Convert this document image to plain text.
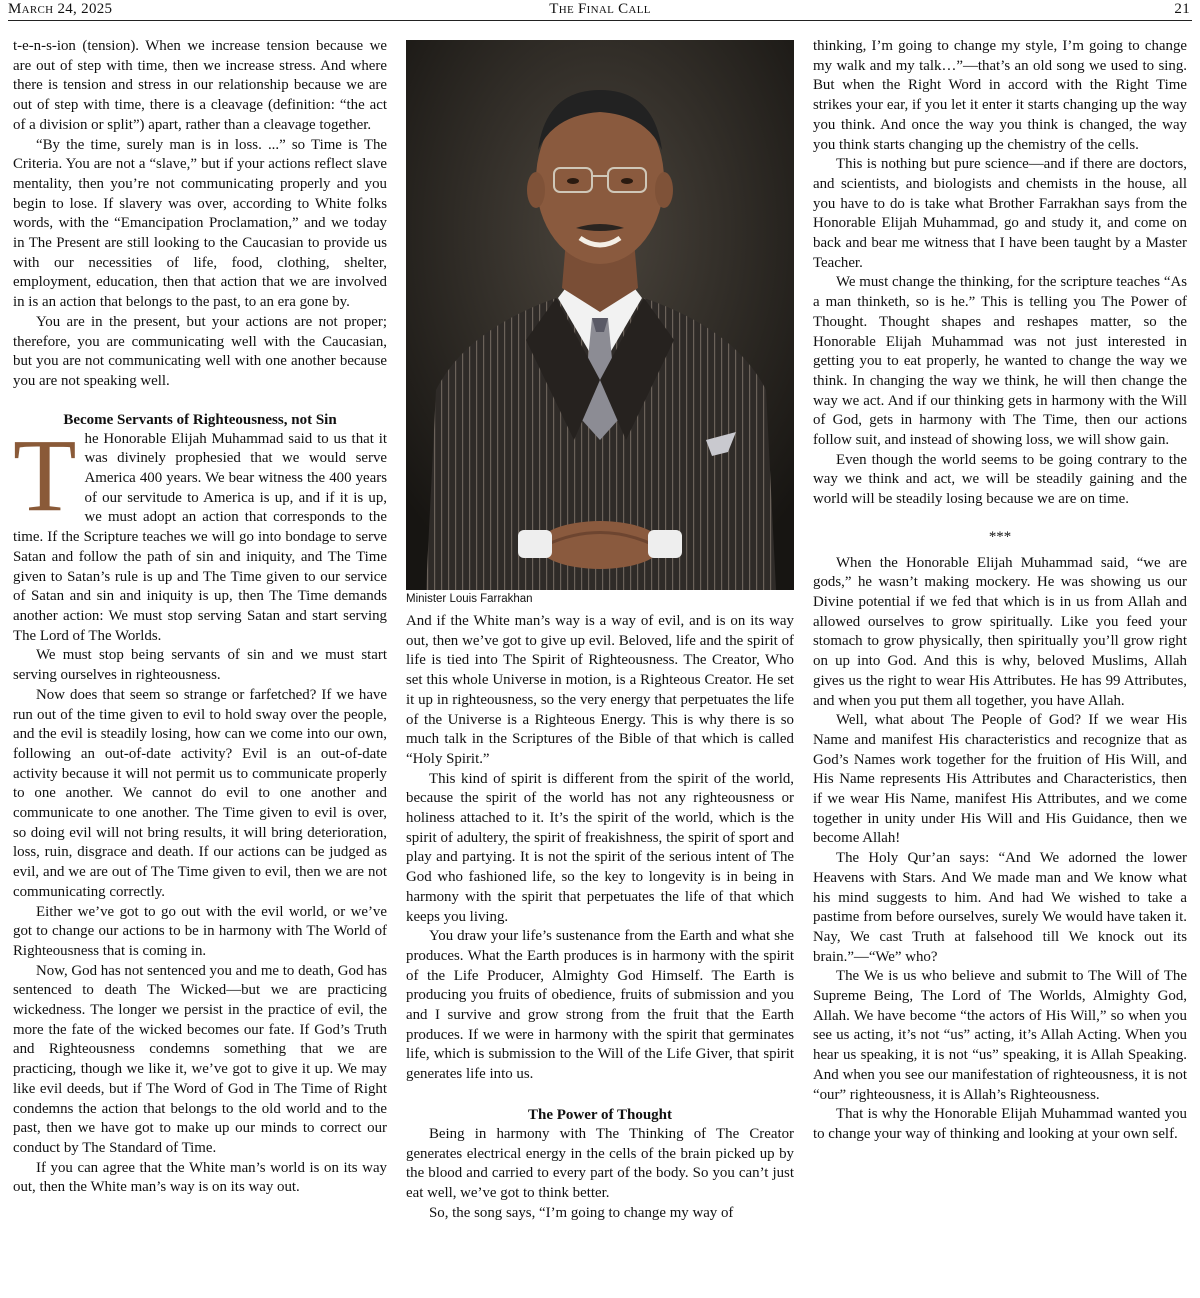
March 24, 2025	The Final Call	21

t-e-n-s-ion (tension). When we increase tension because we are out of step with time, then we increase stress. And where there is tension and stress in our relationship because we are out of step with time, there is a cleavage (definition: “the act of a division or split”) apart, rather than a cleavage together.

“By the time, surely man is in loss. ...” so Time is The Criteria. You are not a “slave,” but if your actions reflect slave mentality, then you’re not communicating properly and you begin to lose. If slavery was over, according to White folks words, with the “Emancipation Proclamation,” and we today in The Present are still looking to the Caucasian to provide us with our necessities of life, food, clothing, shelter, employment, education, then that action that we are involved in is an action that belongs to the past, to an era gone by.

You are in the present, but your actions are not proper; therefore, you are communicating well with the Caucasian, but you are not communicating well with one another because you are not speaking well.

Become Servants of Righteousness, not Sin

The Honorable Elijah Muhammad said to us that it was divinely prophesied that we would serve America 400 years. We bear witness the 400 years of our servitude to America is up, and if it is up, we must adopt an action that corresponds to the time. If the Scripture teaches we will go into bondage to serve Satan and follow the path of sin and iniquity, and The Time given to Satan’s rule is up and The Time given to our service of Satan and sin and iniquity is up, then The Time demands another action: We must stop serving Satan and start serving The Lord of The Worlds.

We must stop being servants of sin and we must start serving ourselves in righteousness.

Now does that seem so strange or farfetched? If we have run out of the time given to evil to hold sway over the people, and the evil is steadily losing, how can we come into our own, following an out-of-date activity? Evil is an out-of-date activity because it will not permit us to communicate properly to one another. We cannot do evil to one another and communicate to one another. The Time given to evil is over, so doing evil will not bring results, it will bring deterioration, loss, ruin, disgrace and death. If our actions can be judged as evil, and we are out of The Time given to evil, then we are not communicating correctly.

Either we’ve got to go out with the evil world, or we’ve got to change our actions to be in harmony with The World of Righteousness that is coming in.

Now, God has not sentenced you and me to death, God has sentenced to death The Wicked—but we are practicing wickedness. The longer we persist in the practice of evil, the more the fate of the wicked becomes our fate. If God’s Truth and Righteousness condemns something that we are practicing, though we like it, we’ve got to give it up. We may like evil deeds, but if The Word of God in The Time of Right condemns the action that belongs to the old world and to the past, then we have got to make up our minds to correct our conduct by The Standard of Time.

If you can agree that the White man’s world is on its way out, then the White man’s way is on its way out.

Minister Louis Farrakhan

And if the White man’s way is a way of evil, and is on its way out, then we’ve got to give up evil. Beloved, life and the spirit of life is tied into The Spirit of Righteousness. The Creator, Who set this whole Universe in motion, is a Righteous Creator. He set it up in righteousness, so the very energy that perpetuates the life of the Universe is a Righteous Energy. This is why there is so much talk in the Scriptures of the Bible of that which is called “Holy Spirit.”

This kind of spirit is different from the spirit of the world, because the spirit of the world has not any righteousness or holiness attached to it. It’s the spirit of the world, which is the spirit of adultery, the spirit of freakishness, the spirit of sport and play and partying. It is not the spirit of the serious intent of The God who fashioned life, so the key to longevity is in being in harmony with the spirit that perpetuates the life of that which keeps you living.

You draw your life’s sustenance from the Earth and what she produces. What the Earth produces is in harmony with the spirit of the Life Producer, Almighty God Himself. The Earth is producing you fruits of obedience, fruits of submission and you and I survive and grow strong from the fruit that the Earth produces. If we were in harmony with the spirit that germinates life, which is submission to the Will of the Life Giver, that spirit generates life into us.

The Power of Thought

Being in harmony with The Thinking of The Creator generates electrical energy in the cells of the brain picked up by the blood and carried to every part of the body. So you can’t just eat well, we’ve got to think better.

So, the song says, “I’m going to change my way of

thinking, I’m going to change my style, I’m going to change my walk and my talk…”—that’s an old song we used to sing. But when the Right Word in accord with the Right Time strikes your ear, if you let it enter it starts changing up the way you think. And once the way you think is changed, the way you think starts changing up the chemistry of the cells.

This is nothing but pure science—and if there are doctors, and scientists, and biologists and chemists in the house, all you have to do is take what Brother Farrakhan says from the Honorable Elijah Muhammad, go and study it, and come on back and bear me witness that I have been taught by a Master Teacher.

We must change the thinking, for the scripture teaches “As a man thinketh, so is he.” This is telling you The Power of Thought. Thought shapes and reshapes matter, so the Honorable Elijah Muhammad was not just interested in getting you to eat properly, he wanted to change the way we think. In changing the way we think, he will then change the way we act. And if our thinking gets in harmony with the Will of God, gets in harmony with The Time, then our actions follow suit, and instead of showing loss, we will show gain.

Even though the world seems to be going contrary to the way we think and act, we will be steadily gaining and the world will be steadily losing because we are on time.

***

When the Honorable Elijah Muhammad said, “we are gods,” he wasn’t making mockery. He was showing us our Divine potential if we fed that which is in us from Allah and allowed ourselves to grow spiritually. Like you feed your stomach to grow physically, then spiritually you’ll grow right on up into God. And this is why, beloved Muslims, Allah gives us the right to wear His Attributes. He has 99 Attributes, and when you put them all together, you have Allah.

Well, what about The People of God? If we wear His Name and manifest His characteristics and recognize that as God’s Names work together for the fruition of His Will, and His Name represents His Attributes and Characteristics, then if we wear His Name, manifest His Attributes, and we come together in unity under His Will and His Guidance, then we become Allah!

The Holy Qur’an says: “And We adorned the lower Heavens with Stars. And We made man and We know what his mind suggests to him. And had We wished to take a pastime from before ourselves, surely We would have taken it. Nay, We cast Truth at falsehood till We knock out its brain.”—“We” who?

The We is us who believe and submit to The Will of The Supreme Being, The Lord of The Worlds, Almighty God, Allah. We have become “the actors of His Will,” so when you see us acting, it’s not “us” acting, it’s Allah Acting. When you hear us speaking, it is not “us” speaking, it is Allah Speaking. And when you see our manifestation of righteousness, it is not “our” righteousness, it is Allah’s Righteousness.

That is why the Honorable Elijah Muhammad wanted you to change your way of thinking and looking at your own self.
